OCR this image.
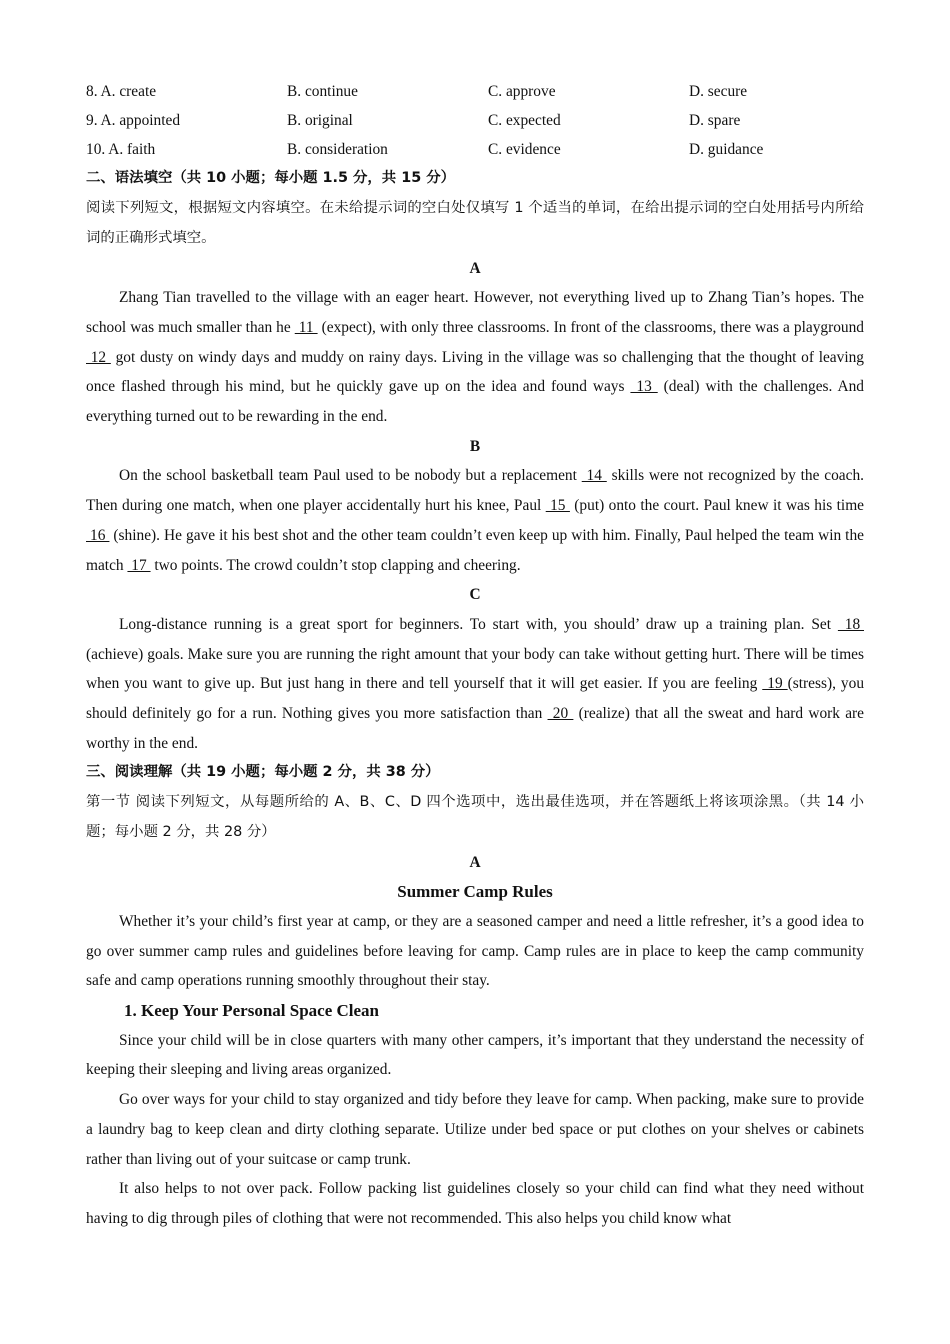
8. A. create	B. continue	C. approve	D. secure
9. A. appointed	B. original	C. expected	D. spare
10. A. faith	B. consideration	C. evidence	D. guidance
二、语法填空（共 10 小题；每小题 1.5 分，共 15 分）

阅读下列短文，根据短文内容填空。在未给提示词的空白处仅填写 1 个适当的单词，在给出提示词的空白处用括号内所给词的正确形式填空。

A

Zhang Tian travelled to the village with an eager heart. However, not everything lived up to Zhang Tian’s hopes. The school was much smaller than he  11  (expect), with only three classrooms. In front of the classrooms, there was a playground  12  got dusty on windy days and muddy on rainy days. Living in the village was so challenging that the thought of leaving once flashed through his mind, but he quickly gave up on the idea and found ways  13  (deal) with the challenges. And everything turned out to be rewarding in the end.

B

On the school basketball team Paul used to be nobody but a replacement  14  skills were not recognized by the coach. Then during one match, when one player accidentally hurt his knee, Paul  15  (put) onto the court. Paul knew it was his time  16  (shine). He gave it his best shot and the other team couldn’t even keep up with him. Finally, Paul helped the team win the match  17  two points. The crowd couldn’t stop clapping and cheering.

C

Long-distance running is a great sport for beginners. To start with, you should’ draw up a training plan. Set  18  (achieve) goals. Make sure you are running the right amount that your body can take without getting hurt. There will be times when you want to give up. But just hang in there and tell yourself that it will get easier. If you are feeling  19 (stress), you should definitely go for a run. Nothing gives you more satisfaction than  20  (realize) that all the sweat and hard work are worthy in the end.

三、阅读理解（共 19 小题；每小题 2 分，共 38 分）

第一节 阅读下列短文，从每题所给的 A、B、C、D 四个选项中，选出最佳选项，并在答题纸上将该项涂黑。（共 14 小题；每小题 2 分，共 28 分）

A
Summer Camp Rules

Whether it’s your child’s first year at camp, or they are a seasoned camper and need a little refresher, it’s a good idea to go over summer camp rules and guidelines before leaving for camp. Camp rules are in place to keep the camp community safe and camp operations running smoothly throughout their stay.

1. Keep Your Personal Space Clean

Since your child will be in close quarters with many other campers, it’s important that they understand the necessity of keeping their sleeping and living areas organized.

Go over ways for your child to stay organized and tidy before they leave for camp. When packing, make sure to provide a laundry bag to keep clean and dirty clothing separate. Utilize under bed space or put clothes on your shelves or cabinets rather than living out of your suitcase or camp trunk.

It also helps to not over pack. Follow packing list guidelines closely so your child can find what they need without having to dig through piles of clothing that were not recommended. This also helps you child know what
